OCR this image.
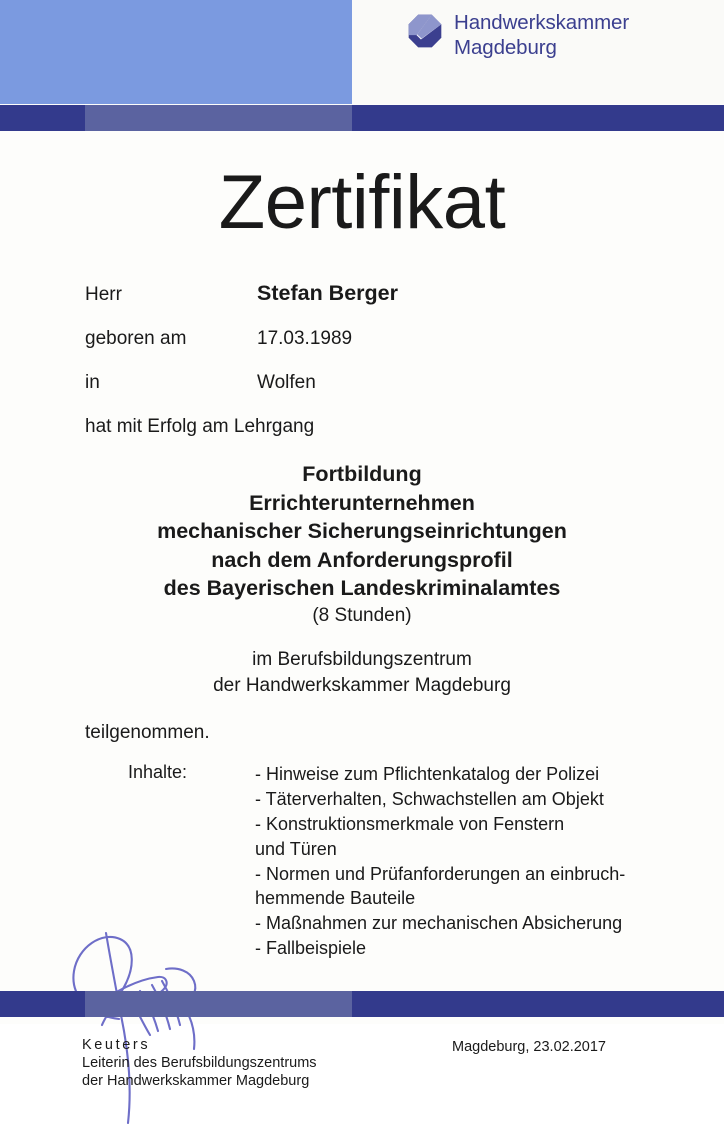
Handwerkskammer
Magdeburg
Zertifikat
Herr	Stefan Berger
geboren am	17.03.1989
in	Wolfen
hat mit Erfolg am Lehrgang
Fortbildung
Errichterunternehmen
mechanischer Sicherungseinrichtungen
nach dem Anforderungsprofil
des Bayerischen Landeskriminalamtes
(8 Stunden)
im Berufsbildungszentrum
der Handwerkskammer Magdeburg
teilgenommen.
Inhalte:	- Hinweise zum Pflichtenkatalog der Polizei
- Täterverhalten, Schwachstellen am Objekt
- Konstruktionsmerkmale von Fenstern
und Türen
- Normen und Prüfanforderungen an einbruch-
hemmende Bauteile
- Maßnahmen zur mechanischen Absicherung
- Fallbeispiele
Keuters
Leiterin des Berufsbildungszentrums
der Handwerkskammer Magdeburg
Magdeburg, 23.02.2017
